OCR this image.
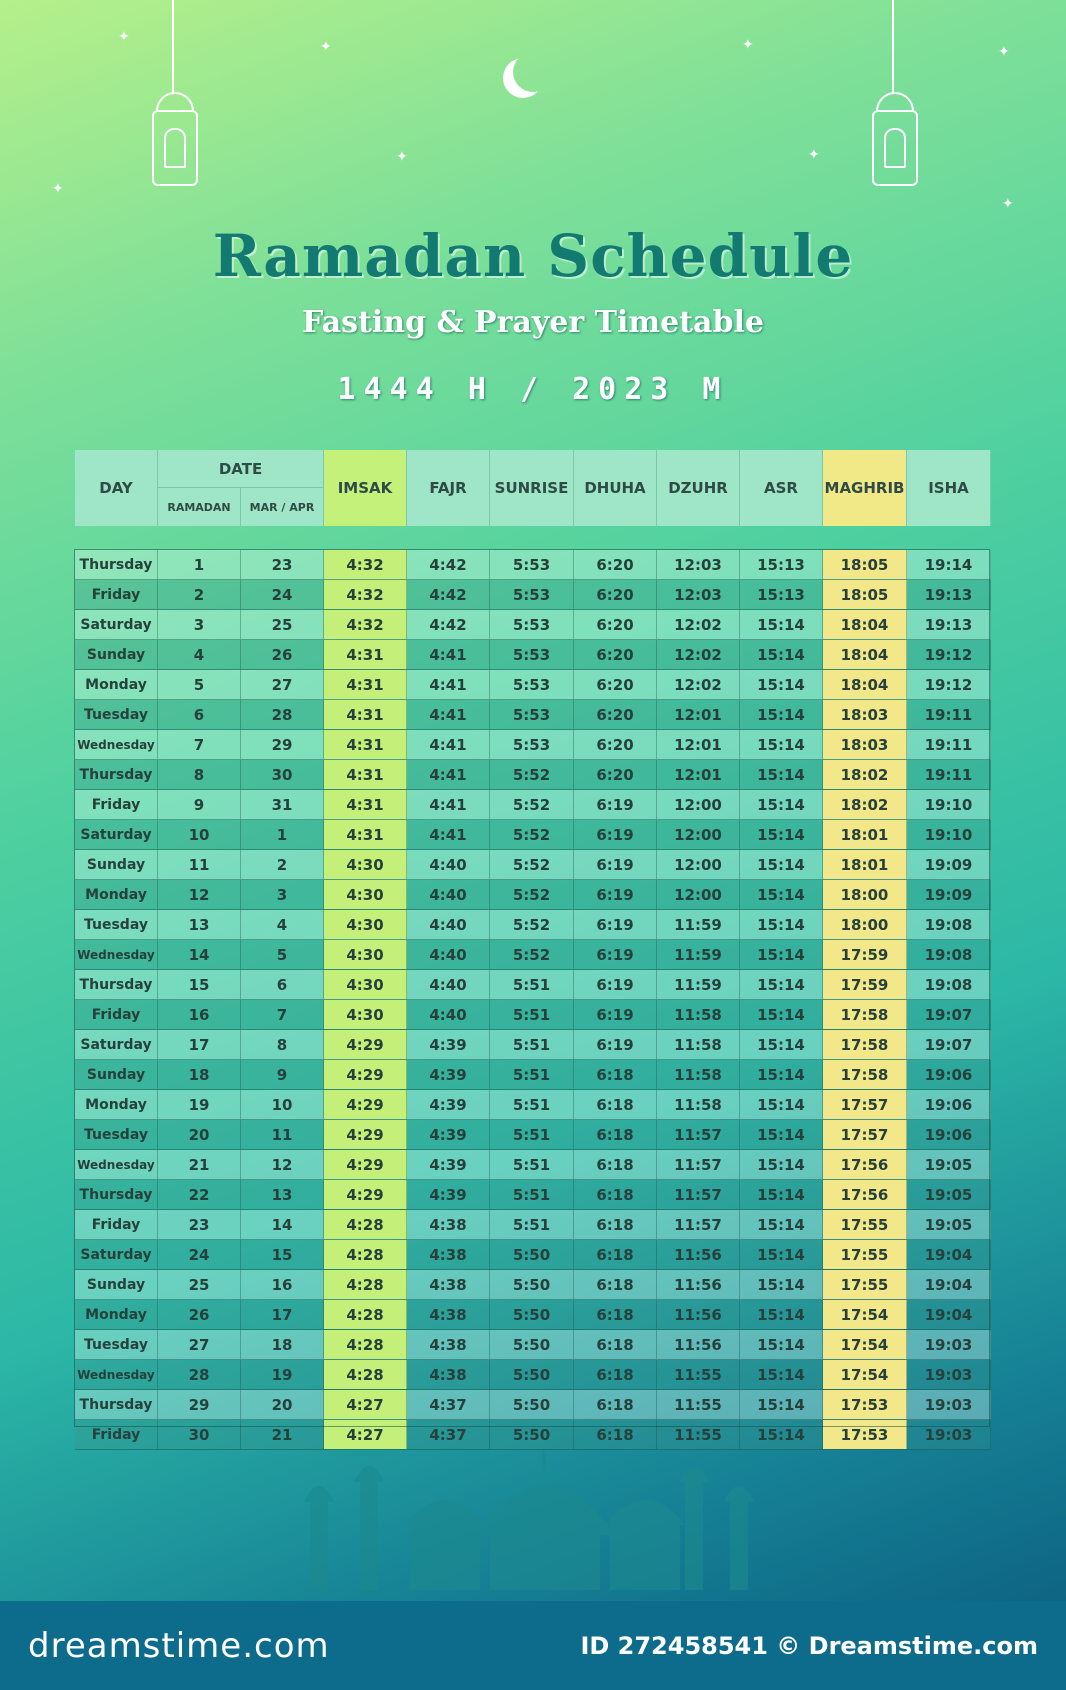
✦
✦
✦
✦
✦
✦
✦
✦
Ramadan Schedule
Fasting & Prayer Timetable
1444 H / 2023 M
DAY
DATE
RAMADAN	MAR / APR
IMSAK	FAJR	SUNRISE	DHUHA	DZUHR	ASR	MAGHRIB	ISHA
Thursday	1	23	4:32	4:42	5:53	6:20	12:03	15:13	18:05	19:14
Friday	2	24	4:32	4:42	5:53	6:20	12:03	15:13	18:05	19:13
Saturday	3	25	4:32	4:42	5:53	6:20	12:02	15:14	18:04	19:13
Sunday	4	26	4:31	4:41	5:53	6:20	12:02	15:14	18:04	19:12
Monday	5	27	4:31	4:41	5:53	6:20	12:02	15:14	18:04	19:12
Tuesday	6	28	4:31	4:41	5:53	6:20	12:01	15:14	18:03	19:11
Wednesday	7	29	4:31	4:41	5:53	6:20	12:01	15:14	18:03	19:11
Thursday	8	30	4:31	4:41	5:52	6:20	12:01	15:14	18:02	19:11
Friday	9	31	4:31	4:41	5:52	6:19	12:00	15:14	18:02	19:10
Saturday	10	1	4:31	4:41	5:52	6:19	12:00	15:14	18:01	19:10
Sunday	11	2	4:30	4:40	5:52	6:19	12:00	15:14	18:01	19:09
Monday	12	3	4:30	4:40	5:52	6:19	12:00	15:14	18:00	19:09
Tuesday	13	4	4:30	4:40	5:52	6:19	11:59	15:14	18:00	19:08
Wednesday	14	5	4:30	4:40	5:52	6:19	11:59	15:14	17:59	19:08
Thursday	15	6	4:30	4:40	5:51	6:19	11:59	15:14	17:59	19:08
Friday	16	7	4:30	4:40	5:51	6:19	11:58	15:14	17:58	19:07
Saturday	17	8	4:29	4:39	5:51	6:19	11:58	15:14	17:58	19:07
Sunday	18	9	4:29	4:39	5:51	6:18	11:58	15:14	17:58	19:06
Monday	19	10	4:29	4:39	5:51	6:18	11:58	15:14	17:57	19:06
Tuesday	20	11	4:29	4:39	5:51	6:18	11:57	15:14	17:57	19:06
Wednesday	21	12	4:29	4:39	5:51	6:18	11:57	15:14	17:56	19:05
Thursday	22	13	4:29	4:39	5:51	6:18	11:57	15:14	17:56	19:05
Friday	23	14	4:28	4:38	5:51	6:18	11:57	15:14	17:55	19:05
Saturday	24	15	4:28	4:38	5:50	6:18	11:56	15:14	17:55	19:04
Sunday	25	16	4:28	4:38	5:50	6:18	11:56	15:14	17:55	19:04
Monday	26	17	4:28	4:38	5:50	6:18	11:56	15:14	17:54	19:04
Tuesday	27	18	4:28	4:38	5:50	6:18	11:56	15:14	17:54	19:03
Wednesday	28	19	4:28	4:38	5:50	6:18	11:55	15:14	17:54	19:03
Thursday	29	20	4:27	4:37	5:50	6:18	11:55	15:14	17:53	19:03
Friday	30	21	4:27	4:37	5:50	6:18	11:55	15:14	17:53	19:03
dreamstime.com	ID 272458541 © Dreamstime.com
